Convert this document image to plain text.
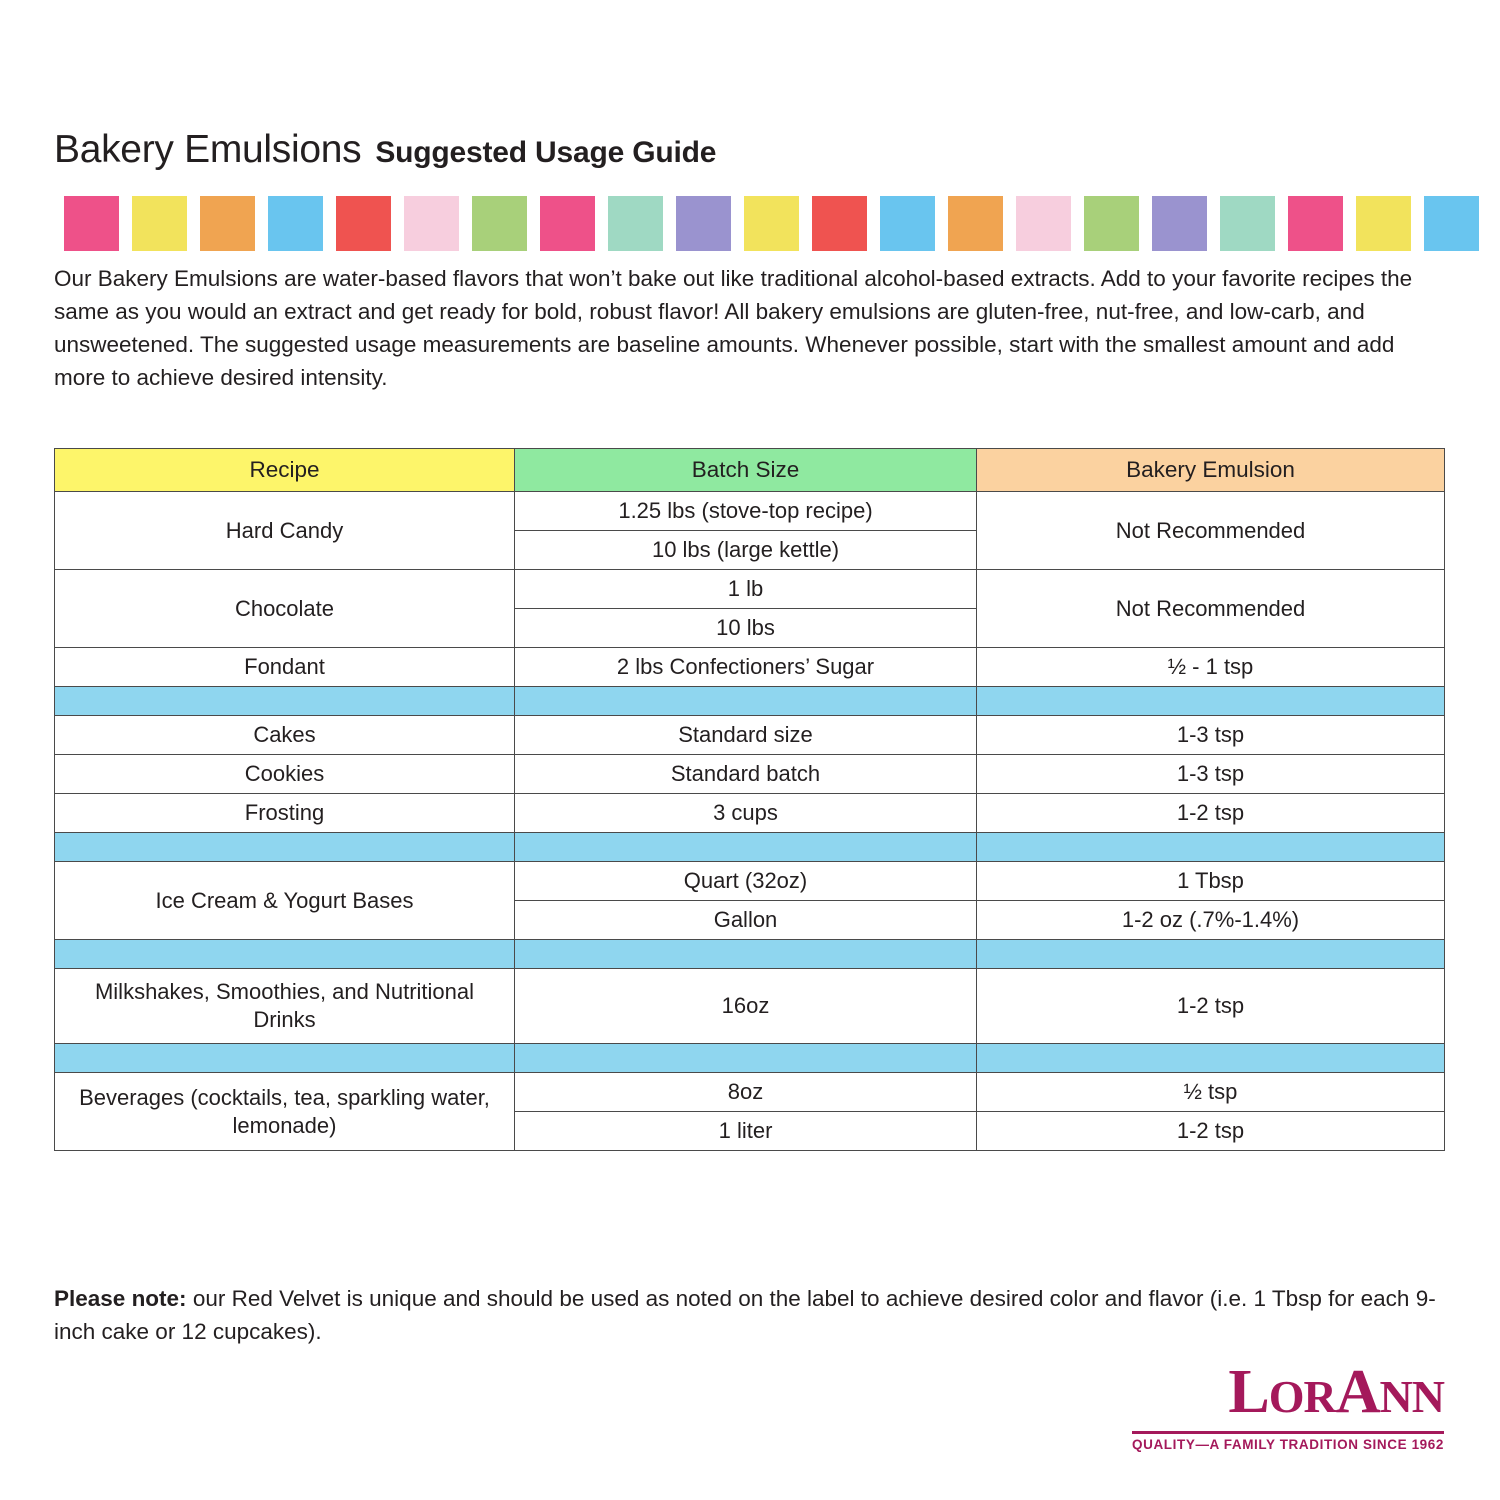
Bakery Emulsions Suggested Usage Guide
Our Bakery Emulsions are water-based flavors that won’t bake out like traditional alcohol-based extracts. Add to your favorite recipes the same as you would an extract and get ready for bold, robust flavor! All bakery emulsions are gluten-free, nut-free, and low-carb, and unsweetened. The suggested usage measurements are baseline amounts. Whenever possible, start with the smallest amount and add more to achieve desired intensity.
Recipe	Batch Size	Bakery Emulsion
Hard Candy	1.25 lbs (stove-top recipe)	Not Recommended
	10 lbs (large kettle)	
Chocolate	1 lb	Not Recommended
	10 lbs	
Fondant	2 lbs Confectioners’ Sugar	½ - 1 tsp

Cakes	Standard size	1-3 tsp
Cookies	Standard batch	1-3 tsp
Frosting	3 cups	1-2 tsp

Ice Cream & Yogurt Bases	Quart (32oz)	1 Tbsp
	Gallon	1-2 oz (.7%-1.4%)

Milkshakes, Smoothies, and Nutritional Drinks	16oz	1-2 tsp

Beverages (cocktails, tea, sparkling water, lemonade)	8oz	½ tsp
	1 liter	1-2 tsp
Please note: our Red Velvet is unique and should be used as noted on the label to achieve desired color and flavor (i.e. 1 Tbsp for each 9-inch cake or 12 cupcakes).
LORANN
QUALITY—A FAMILY TRADITION SINCE 1962
